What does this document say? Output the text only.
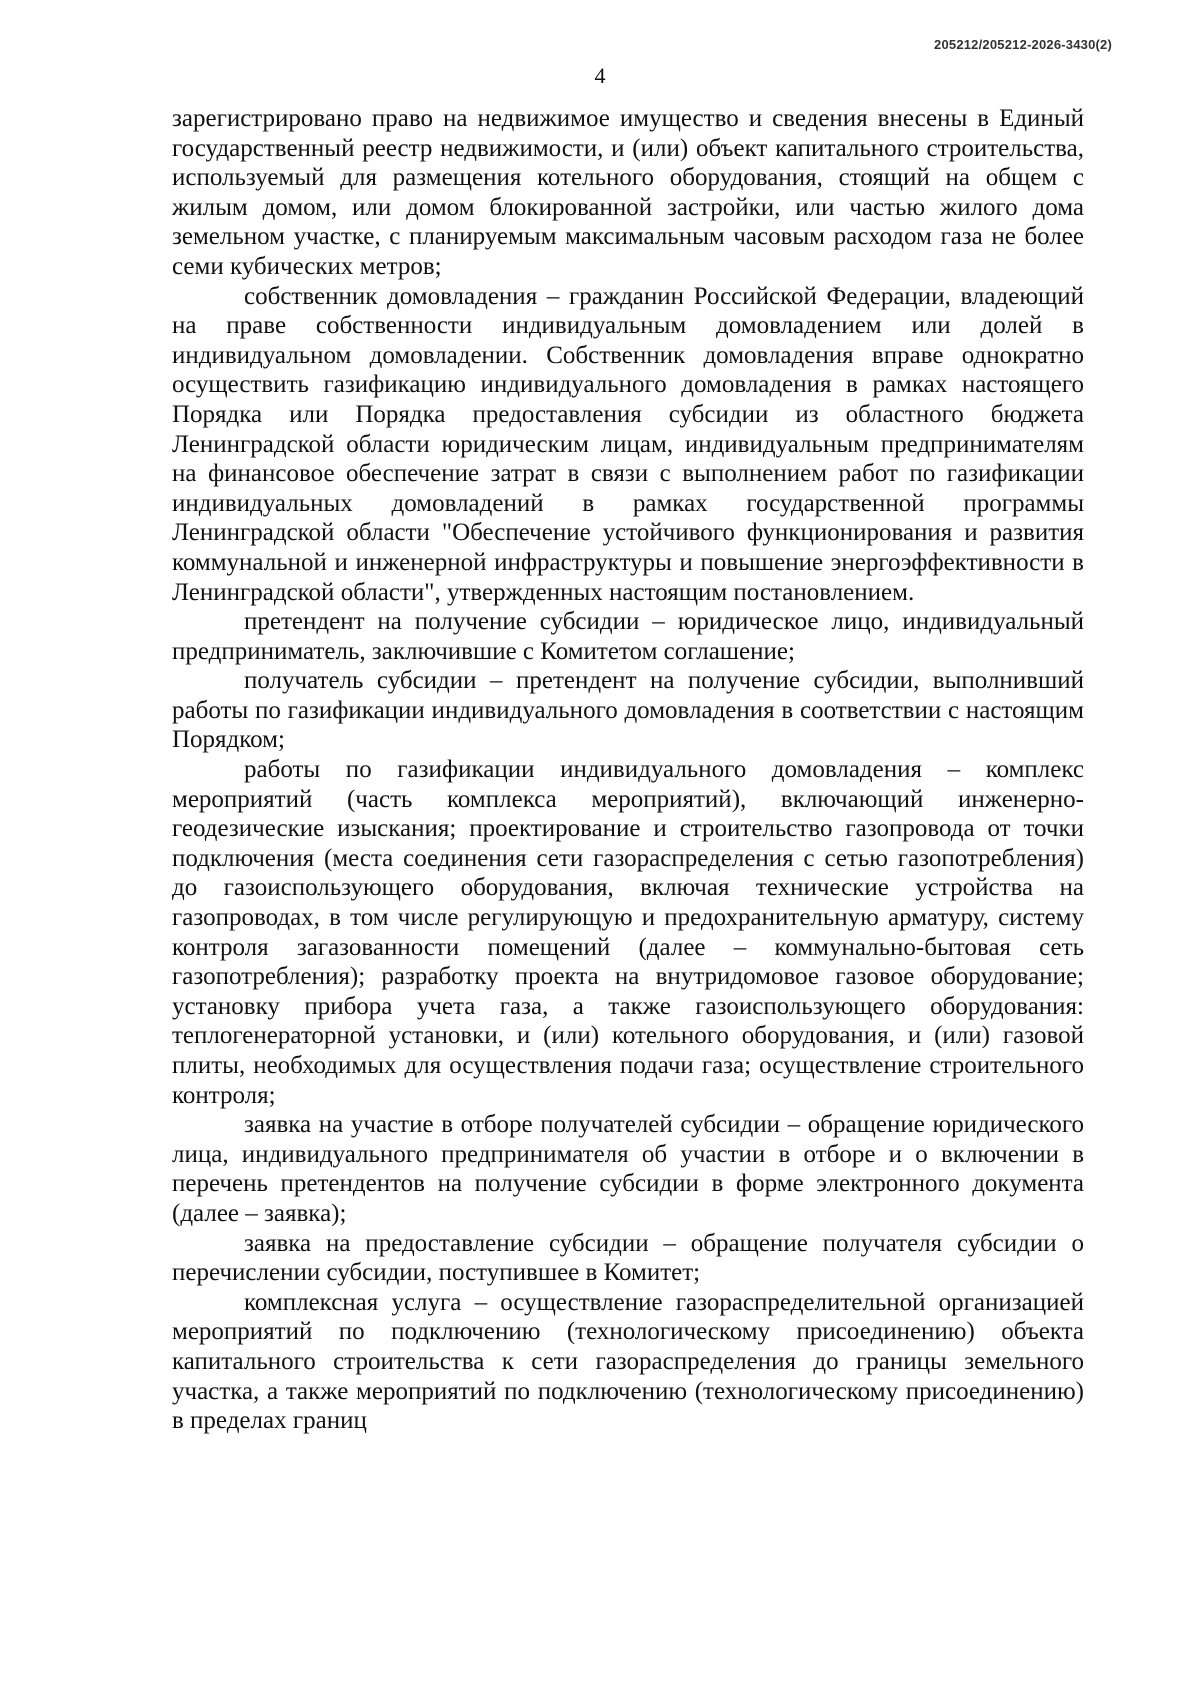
205212/205212-2026-3430(2)
4

зарегистрировано право на недвижимое имущество и сведения внесены в Единый государственный реестр недвижимости, и (или) объект капитального строительства, используемый для размещения котельного оборудования, стоящий на общем с жилым домом, или домом блокированной застройки, или частью жилого дома земельном участке, с планируемым максимальным часовым расходом газа не более семи кубических метров;

собственник домовладения – гражданин Российской Федерации, владеющий на праве собственности индивидуальным домовладением или долей в индивидуальном домовладении. Собственник домовладения вправе однократно осуществить газификацию индивидуального домовладения в рамках настоящего Порядка или Порядка предоставления субсидии из областного бюджета Ленинградской области юридическим лицам, индивидуальным предпринимателям на финансовое обеспечение затрат в связи с выполнением работ по газификации индивидуальных домовладений в рамках государственной программы Ленинградской области "Обеспечение устойчивого функционирования и развития коммунальной и инженерной инфраструктуры и повышение энергоэффективности в Ленинградской области", утвержденных настоящим постановлением.

претендент на получение субсидии – юридическое лицо, индивидуальный предприниматель, заключившие с Комитетом соглашение;

получатель субсидии – претендент на получение субсидии, выполнивший работы по газификации индивидуального домовладения в соответствии с настоящим Порядком;

работы по газификации индивидуального домовладения – комплекс мероприятий (часть комплекса мероприятий), включающий инженерно-геодезические изыскания; проектирование и строительство газопровода от точки подключения (места соединения сети газораспределения с сетью газопотребления) до газоиспользующего оборудования, включая технические устройства на газопроводах, в том числе регулирующую и предохранительную арматуру, систему контроля загазованности помещений (далее – коммунально-бытовая сеть газопотребления); разработку проекта на внутридомовое газовое оборудование; установку прибора учета газа, а также газоиспользующего оборудования: теплогенераторной установки, и (или) котельного оборудования, и (или) газовой плиты, необходимых для осуществления подачи газа; осуществление строительного контроля;

заявка на участие в отборе получателей субсидии – обращение юридического лица, индивидуального предпринимателя об участии в отборе и о включении в перечень претендентов на получение субсидии в форме электронного документа (далее – заявка);

заявка на предоставление субсидии – обращение получателя субсидии о перечислении субсидии, поступившее в Комитет;

комплексная услуга – осуществление газораспределительной организацией мероприятий по подключению (технологическому присоединению) объекта капитального строительства к сети газораспределения до границы земельного участка, а также мероприятий по подключению (технологическому присоединению) в пределах границ
